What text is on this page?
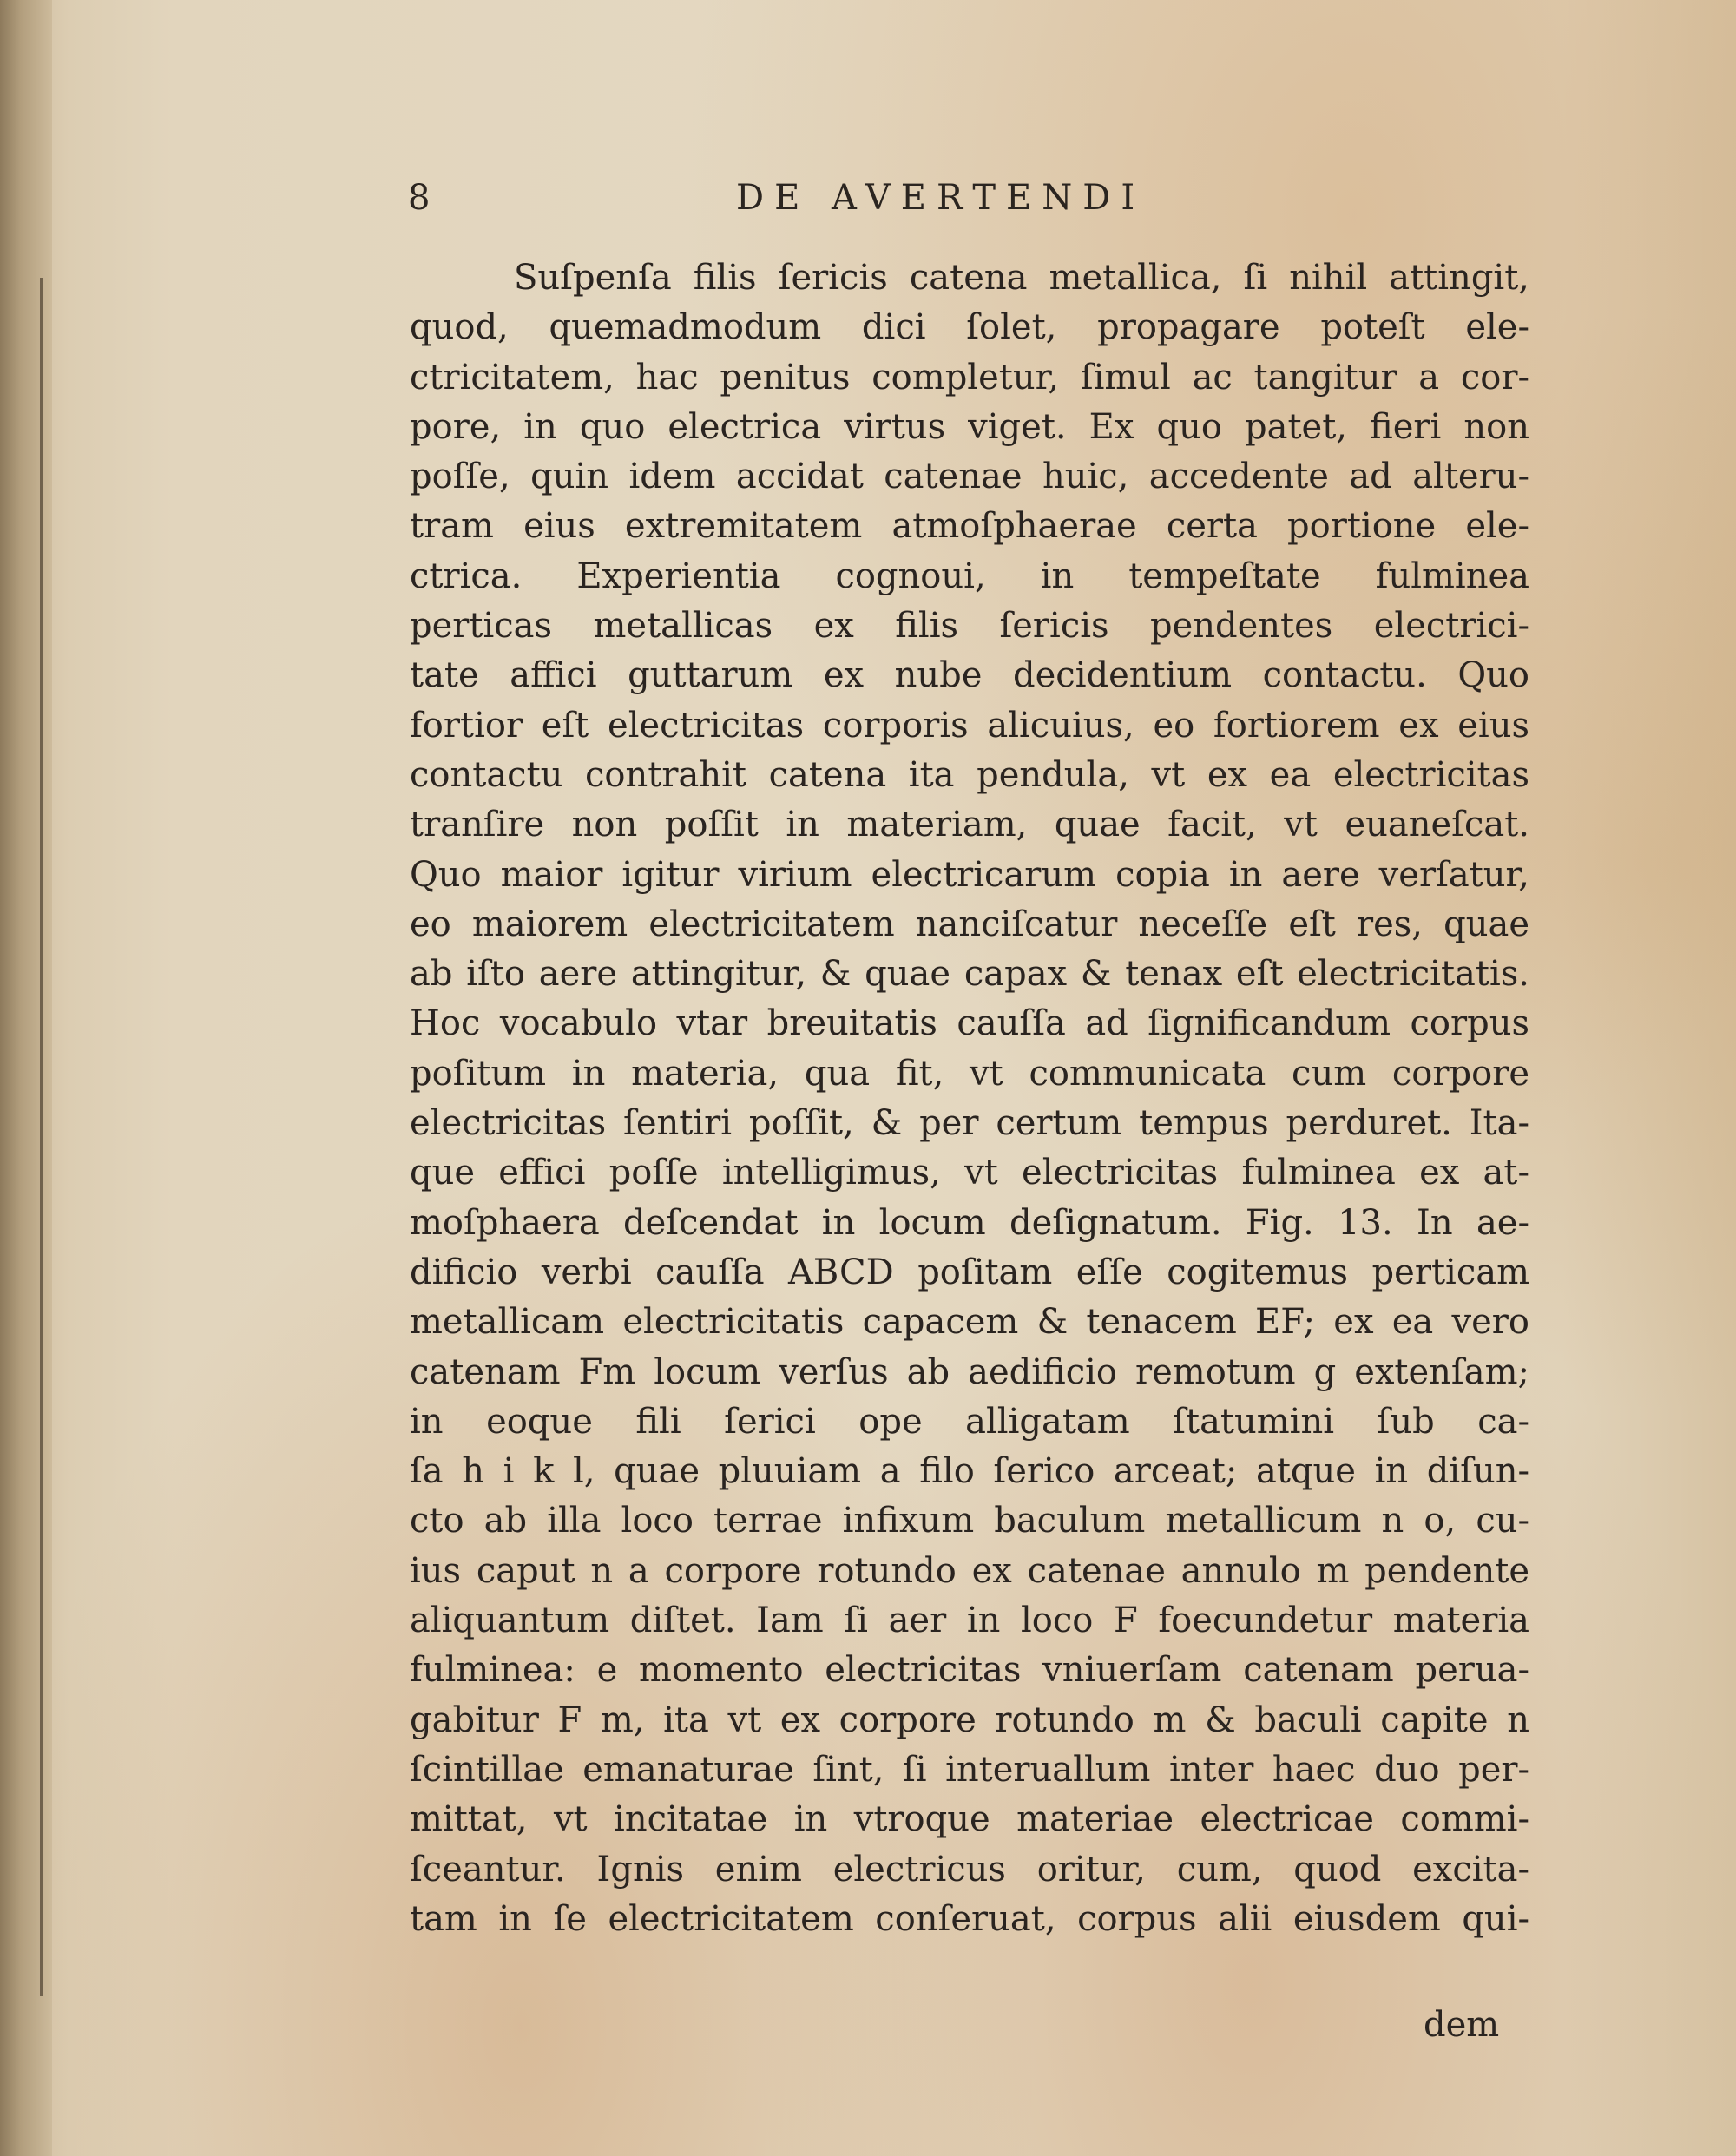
8	DE AVERTENDI
Suſpenſa filis ſericis catena metallica, ſi nihil attingit,
quod, quemadmodum dici ſolet, propagare poteſt ele-
ctricitatem, hac penitus completur, ſimul ac tangitur a cor-
pore, in quo electrica virtus viget. Ex quo patet, fieri non
poſſe, quin idem accidat catenae huic, accedente ad alteru-
tram eius extremitatem atmoſphaerae certa portione ele-
ctrica. Experientia cognoui, in tempeſtate fulminea
perticas metallicas ex filis ſericis pendentes electrici-
tate affici guttarum ex nube decidentium contactu. Quo
fortior eſt electricitas corporis alicuius, eo fortiorem ex eius
contactu contrahit catena ita pendula, vt ex ea electricitas
tranſire non poſſit in materiam, quae facit, vt euaneſcat.
Quo maior igitur virium electricarum copia in aere verſatur,
eo maiorem electricitatem nanciſcatur neceſſe eſt res, quae
ab iſto aere attingitur, & quae capax & tenax eſt electricitatis.
Hoc vocabulo vtar breuitatis cauſſa ad ſignificandum corpus
poſitum in materia, qua fit, vt communicata cum corpore
electricitas ſentiri poſſit, & per certum tempus perduret. Ita-
que effici poſſe intelligimus, vt electricitas fulminea ex at-
moſphaera deſcendat in locum deſignatum. Fig. 13. In ae-
dificio verbi cauſſa ABCD poſitam eſſe cogitemus perticam
metallicam electricitatis capacem & tenacem EF; ex ea vero
catenam Fm locum verſus ab aedificio remotum g extenſam;
in eoque fili ſerici ope alligatam ſtatumini ſub ca-
ſa h i k l, quae pluuiam a filo ſerico arceat; atque in diſun-
cto ab illa loco terrae infixum baculum metallicum n o, cu-
ius caput n a corpore rotundo ex catenae annulo m pendente
aliquantum diſtet. Iam ſi aer in loco F foecundetur materia
fulminea: e momento electricitas vniuerſam catenam perua-
gabitur F m, ita vt ex corpore rotundo m & baculi capite n
ſcintillae emanaturae ſint, ſi interuallum inter haec duo per-
mittat, vt incitatae in vtroque materiae electricae commi-
ſceantur. Ignis enim electricus oritur, cum, quod excita-
tam in ſe electricitatem conſeruat, corpus alii eiusdem qui-
dem
